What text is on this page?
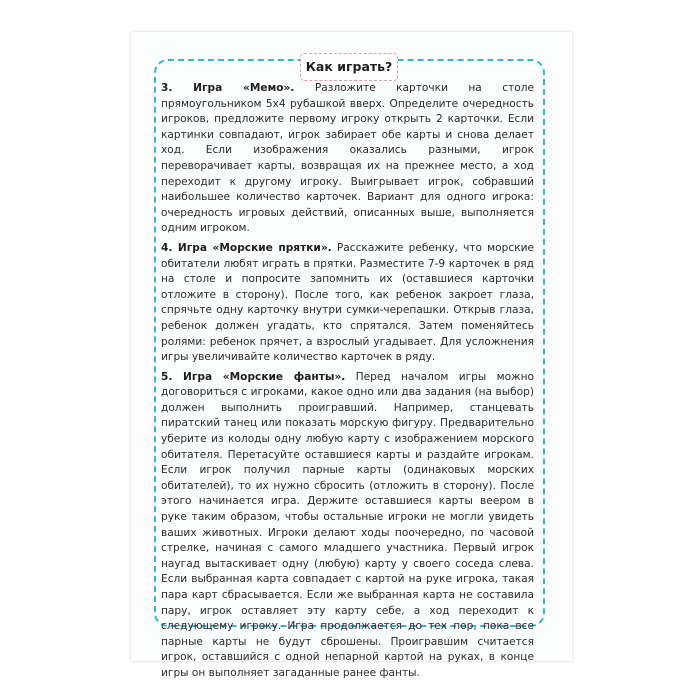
Как играть?

3. Игра «Мемо». Разложите карточки на столе прямоугольником 5х4 рубашкой вверх. Определите очередность игроков, предложите первому игроку открыть 2 карточки. Если картинки совпадают, игрок забирает обе карты и снова делает ход. Если изображения оказались разными, игрок переворачивает карты, возвращая их на прежнее место, а ход переходит к другому игроку. Выигрывает игрок, собравший наибольшее количество карточек. Вариант для одного игрока: очередность игровых действий, описанных выше, выполняется одним игроком.

4. Игра «Морские прятки». Расскажите ребенку, что морские обитатели любят играть в прятки. Разместите 7-9 карточек в ряд на столе и попросите запомнить их (оставшиеся карточки отложите в сторону). После того, как ребенок закроет глаза, спрячьте одну карточку внутри сумки-черепашки. Открыв глаза, ребенок должен угадать, кто спрятался. Затем поменяйтесь ролями: ребенок прячет, а взрослый угадывает. Для усложнения игры увеличивайте количество карточек в ряду.

5. Игра «Морские фанты». Перед началом игры можно договориться с игроками, какое одно или два задания (на выбор) должен выполнить проигравший. Например, станцевать пиратский танец или показать морскую фигуру. Предварительно уберите из колоды одну любую карту с изображением морского обитателя. Перетасуйте оставшиеся карты и раздайте игрокам. Если игрок получил парные карты (одинаковых морских обитателей), то их нужно сбросить (отложить в сторону). После этого начинается игра. Держите оставшиеся карты веером в руке таким образом, чтобы остальные игроки не могли увидеть ваших животных. Игроки делают ходы поочередно, по часовой стрелке, начиная с самого младшего участника. Первый игрок наугад вытаскивает одну (любую) карту у своего соседа слева. Если выбранная карта совпадает с картой на руке игрока, такая пара карт сбрасывается. Если же выбранная карта не составила пару, игрок оставляет эту карту себе, а ход переходит к следующему игроку. Игра продолжается до тех пор, пока все парные карты не будут сброшены. Проигравшим считается игрок, оставшийся с одной непарной картой на руках, в конце игры он выполняет загаданные ранее фанты.
